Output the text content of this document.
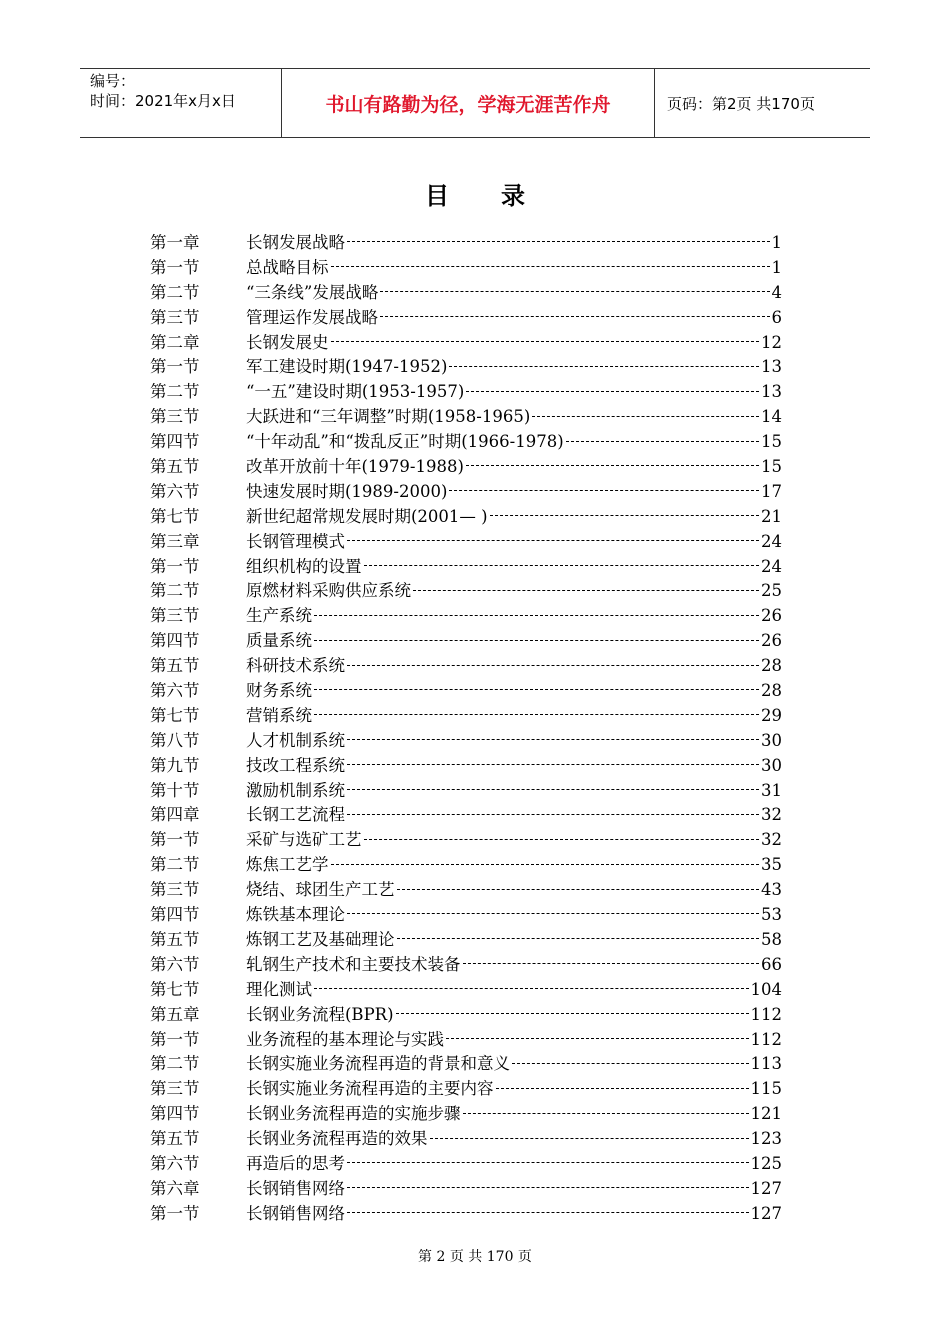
编号：
时间：2021年x月x日	书山有路勤为径，学海无涯苦作舟	页码：第2页 共170页
目录
第一章	长钢发展战略	1
第一节	总战略目标	1
第二节	“三条线”发展战略	4
第三节	管理运作发展战略	6
第二章	长钢发展史	12
第一节	军工建设时期(1947-1952)	13
第二节	“一五”建设时期(1953-1957)	13
第三节	大跃进和“三年调整”时期(1958-1965)	14
第四节	“十年动乱”和“拨乱反正”时期(1966-1978)	15
第五节	改革开放前十年(1979-1988)	15
第六节	快速发展时期(1989-2000)	17
第七节	新世纪超常规发展时期(2001— )	21
第三章	长钢管理模式	24
第一节	组织机构的设置	24
第二节	原燃材料采购供应系统	25
第三节	生产系统	26
第四节	质量系统	26
第五节	科研技术系统	28
第六节	财务系统	28
第七节	营销系统	29
第八节	人才机制系统	30
第九节	技改工程系统	30
第十节	激励机制系统	31
第四章	长钢工艺流程	32
第一节	采矿与选矿工艺	32
第二节	炼焦工艺学	35
第三节	烧结、球团生产工艺	43
第四节	炼铁基本理论	53
第五节	炼钢工艺及基础理论	58
第六节	轧钢生产技术和主要技术装备	66
第七节	理化测试	104
第五章	长钢业务流程(BPR)	112
第一节	业务流程的基本理论与实践	112
第二节	长钢实施业务流程再造的背景和意义	113
第三节	长钢实施业务流程再造的主要内容	115
第四节	长钢业务流程再造的实施步骤	121
第五节	长钢业务流程再造的效果	123
第六节	再造后的思考	125
第六章	长钢销售网络	127
第一节	长钢销售网络	127
第 2 页 共 170 页
